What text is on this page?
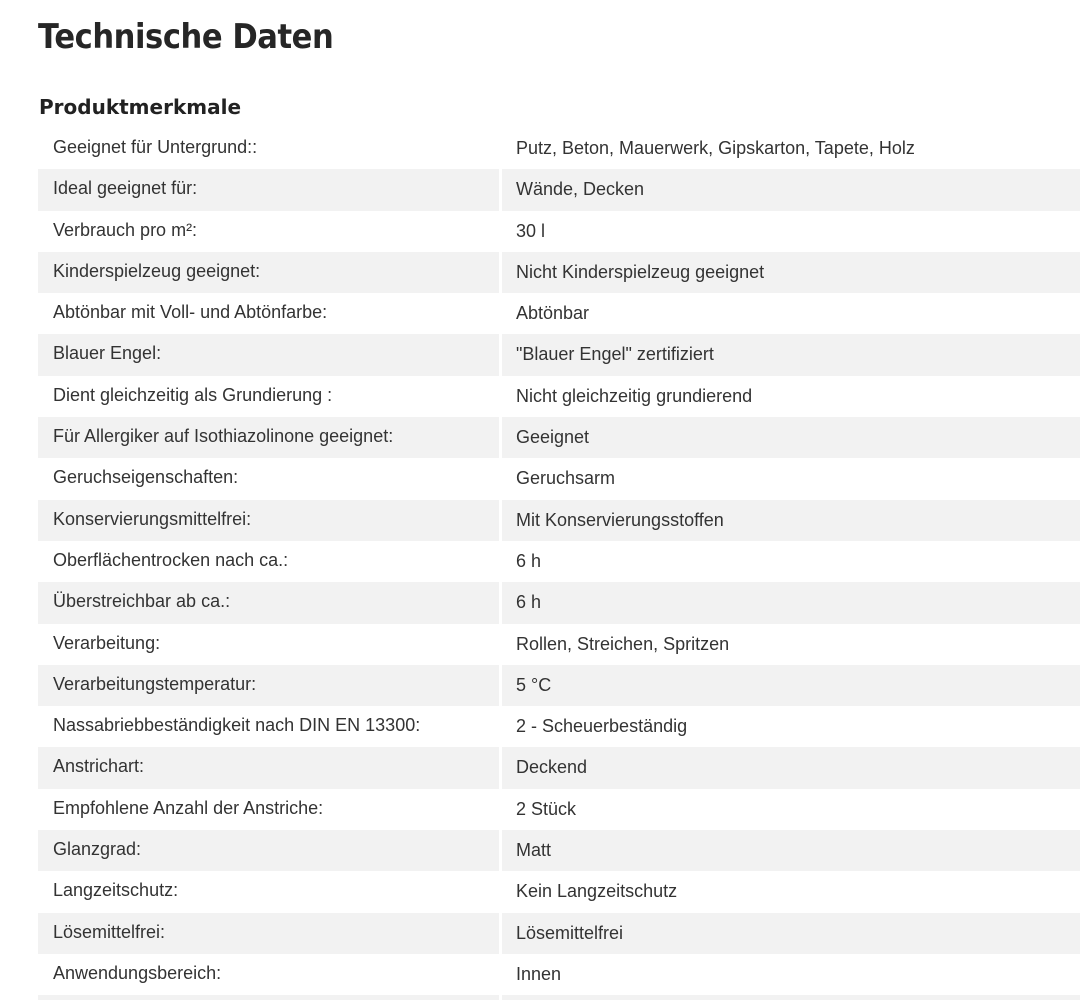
Technische Daten
Produktmerkmale
Geeignet für Untergrund::	Putz, Beton, Mauerwerk, Gipskarton, Tapete, Holz
Ideal geeignet für:	Wände, Decken
Verbrauch pro m²:	30 l
Kinderspielzeug geeignet:	Nicht Kinderspielzeug geeignet
Abtönbar mit Voll- und Abtönfarbe:	Abtönbar
Blauer Engel:	"Blauer Engel" zertifiziert
Dient gleichzeitig als Grundierung :	Nicht gleichzeitig grundierend
Für Allergiker auf Isothiazolinone geeignet:	Geeignet
Geruchseigenschaften:	Geruchsarm
Konservierungsmittelfrei:	Mit Konservierungsstoffen
Oberflächentrocken nach ca.:	6 h
Überstreichbar ab ca.:	6 h
Verarbeitung:	Rollen, Streichen, Spritzen
Verarbeitungstemperatur:	5 °C
Nassabriebbeständigkeit nach DIN EN 13300:	2 - Scheuerbeständig
Anstrichart:	Deckend
Empfohlene Anzahl der Anstriche:	2 Stück
Glanzgrad:	Matt
Langzeitschutz:	Kein Langzeitschutz
Lösemittelfrei:	Lösemittelfrei
Anwendungsbereich:	Innen
